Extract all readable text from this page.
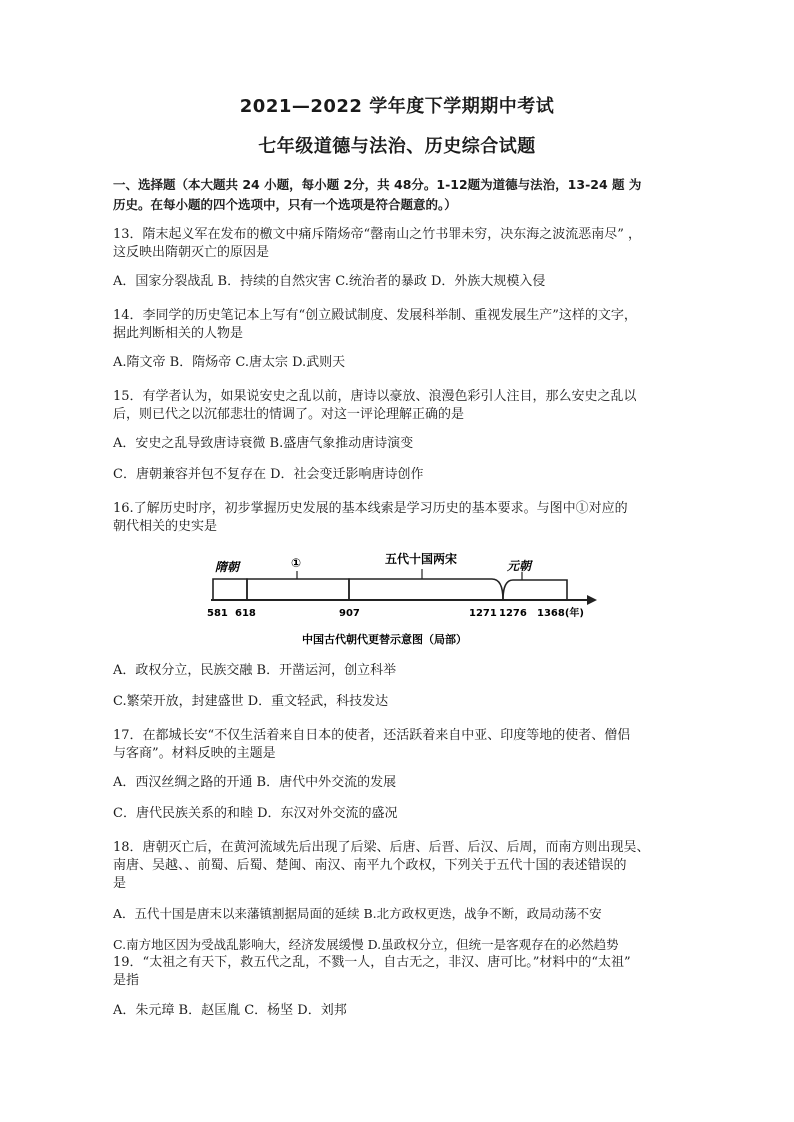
2021—2022 学年度下学期期中考试
七年级道德与法治、历史综合试题
一、选择题（本大题共 24 小题，每小题 2分，共 48分。1-12题为道德与法治，13-24 题 为
历史。在每小题的四个选项中，只有一个选项是符合题意的。）
13．隋末起义军在发布的檄文中痛斥隋炀帝“罄南山之竹书罪未穷，决东海之波流恶南尽” ，
这反映出隋朝灭亡的原因是
A．国家分裂战乱 B．持续的自然灾害 C.统治者的暴政 D．外族大规模入侵
14．李同学的历史笔记本上写有“创立殿试制度、发展科举制、重视发展生产”这样的文字，
据此判断相关的人物是
A.隋文帝 B．隋炀帝 C.唐太宗 D.武则天
15．有学者认为，如果说安史之乱以前，唐诗以豪放、浪漫色彩引人注目，那么安史之乱以
后，则已代之以沉郁悲壮的情调了。对这一评论理解正确的是
A．安史之乱导致唐诗衰微 B.盛唐气象推动唐诗演变
C．唐朝兼容并包不复存在 D．社会变迁影响唐诗创作
16.了解历史时序，初步掌握历史发展的基本线索是学习历史的基本要求。与图中①对应的
朝代相关的史实是
隋朝	①	五代十国两宋	元朝
581 618	907	1271 1276 1368(年)
中国古代朝代更替示意图（局部）
A．政权分立，民族交融 B．开凿运河，创立科举
C.繁荣开放，封建盛世 D．重文轻武，科技发达
17．在都城长安“不仅生活着来自日本的使者，还活跃着来自中亚、印度等地的使者、僧侣
与客商”。材料反映的主题是
A．西汉丝绸之路的开通 B．唐代中外交流的发展
C．唐代民族关系的和睦 D．东汉对外交流的盛况
18．唐朝灭亡后，在黄河流域先后出现了后梁、后唐、后晋、后汉、后周，而南方则出现吴、
南唐、吴越、、前蜀、后蜀、楚闽、南汉、南平九个政权，下列关于五代十国的表述错误的
是
A．五代十国是唐末以来藩镇割据局面的延续 B.北方政权更迭，战争不断，政局动荡不安
C.南方地区因为受战乱影响大，经济发展缓慢 D.虽政权分立，但统一是客观存在的必然趋势
19．“太祖之有天下，救五代之乱，不戮一人，自古无之，非汉、唐可比。”材料中的“太祖”
是指
A．朱元璋 B．赵匡胤 C．杨坚 D．刘邦
